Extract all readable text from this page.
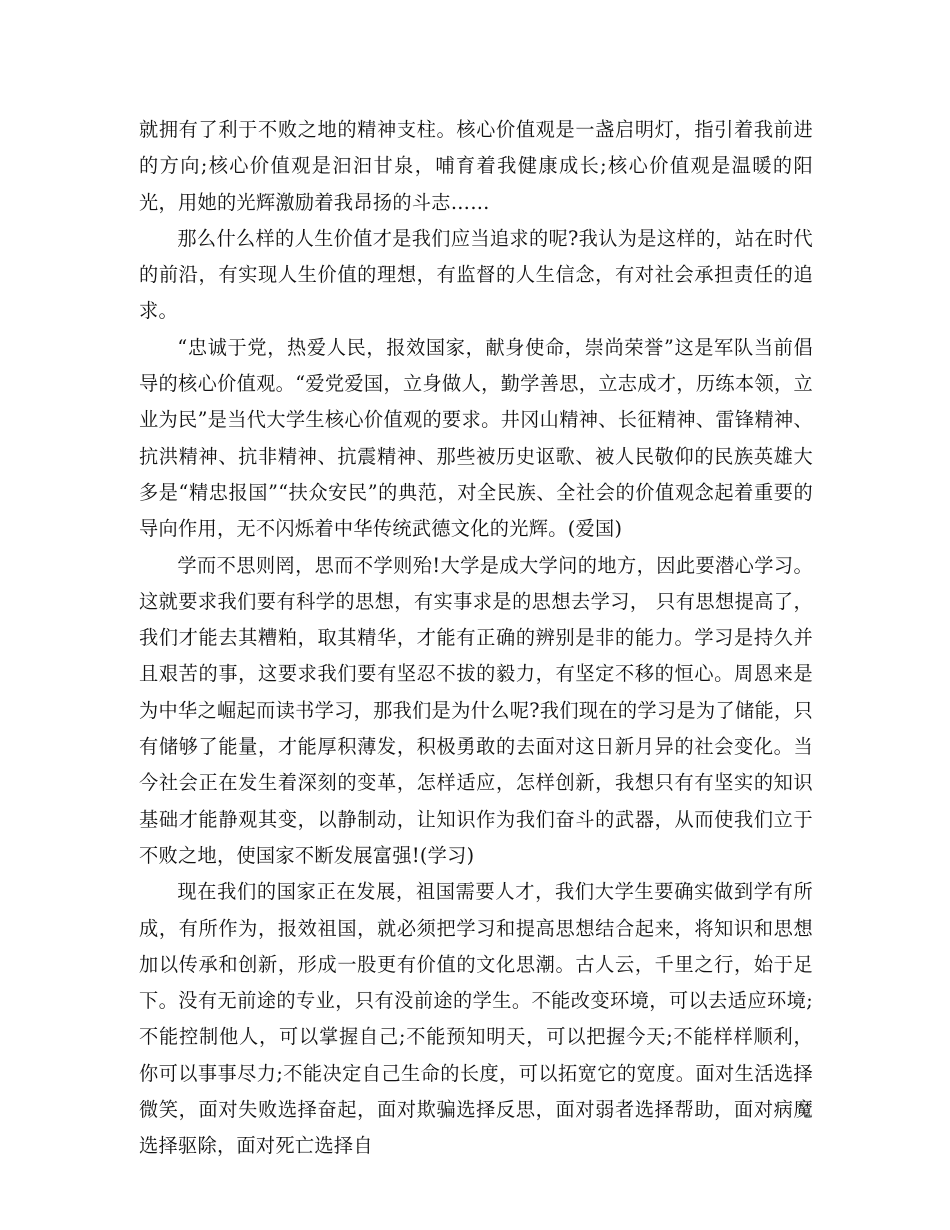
就拥有了利于不败之地的精神支柱。核心价值观是一盏启明灯，指引着我前进的方向;核心价值观是汩汩甘泉，哺育着我健康成长;核心价值观是温暖的阳光，用她的光辉激励着我昂扬的斗志……

那么什么样的人生价值才是我们应当追求的呢?我认为是这样的，站在时代的前沿，有实现人生价值的理想，有监督的人生信念，有对社会承担责任的追求。

“忠诚于党，热爱人民，报效国家，献身使命，崇尚荣誉”这是军队当前倡导的核心价值观。“爱党爱国，立身做人，勤学善思，立志成才，历练本领，立业为民”是当代大学生核心价值观的要求。井冈山精神、长征精神、雷锋精神、抗洪精神、抗非精神、抗震精神、那些被历史讴歌、被人民敬仰的民族英雄大多是“精忠报国”“扶众安民”的典范，对全民族、全社会的价值观念起着重要的导向作用，无不闪烁着中华传统武德文化的光辉。(爱国)

学而不思则罔，思而不学则殆!大学是成大学问的地方，因此要潜心学习。这就要求我们要有科学的思想，有实事求是的思想去学习， 只有思想提高了，我们才能去其糟粕，取其精华，才能有正确的辨别是非的能力。学习是持久并且艰苦的事，这要求我们要有坚忍不拔的毅力，有坚定不移的恒心。周恩来是为中华之崛起而读书学习，那我们是为什么呢?我们现在的学习是为了储能，只有储够了能量，才能厚积薄发，积极勇敢的去面对这日新月异的社会变化。当今社会正在发生着深刻的变革，怎样适应，怎样创新，我想只有有坚实的知识基础才能静观其变，以静制动，让知识作为我们奋斗的武器，从而使我们立于不败之地，使国家不断发展富强!(学习)

现在我们的国家正在发展，祖国需要人才，我们大学生要确实做到学有所成，有所作为，报效祖国，就必须把学习和提高思想结合起来，将知识和思想加以传承和创新，形成一股更有价值的文化思潮。古人云，千里之行，始于足下。没有无前途的专业，只有没前途的学生。不能改变环境，可以去适应环境;不能控制他人，可以掌握自己;不能预知明天，可以把握今天;不能样样顺利，你可以事事尽力;不能决定自己生命的长度，可以拓宽它的宽度。面对生活选择微笑，面对失败选择奋起，面对欺骗选择反思，面对弱者选择帮助，面对病魔选择驱除，面对死亡选择自
